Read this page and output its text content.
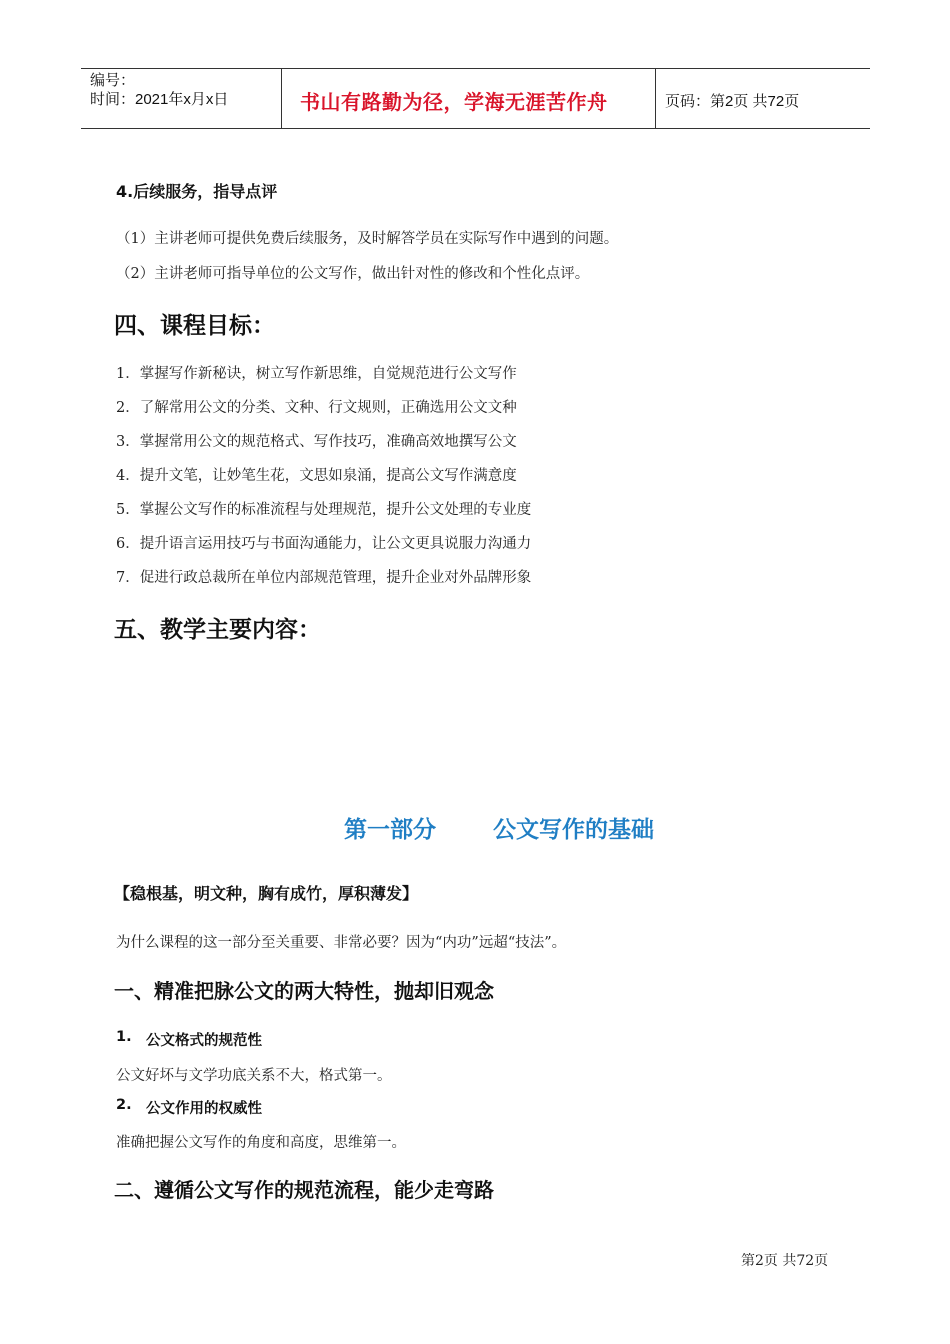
编号：
时间：2021年x月x日	书山有路勤为径，学海无涯苦作舟	页码：第2页 共72页
4.后续服务，指导点评
（1）主讲老师可提供免费后续服务，及时解答学员在实际写作中遇到的问题。
（2）主讲老师可指导单位的公文写作，做出针对性的修改和个性化点评。
四、课程目标：
1．掌握写作新秘诀，树立写作新思维，自觉规范进行公文写作
2．了解常用公文的分类、文种、行文规则，正确选用公文文种
3．掌握常用公文的规范格式、写作技巧，准确高效地撰写公文
4．提升文笔，让妙笔生花，文思如泉涌，提高公文写作满意度
5．掌握公文写作的标准流程与处理规范，提升公文处理的专业度
6．提升语言运用技巧与书面沟通能力，让公文更具说服力沟通力
7．促进行政总裁所在单位内部规范管理，提升企业对外品牌形象
五、教学主要内容：
第一部分 公文写作的基础
【稳根基，明文种，胸有成竹，厚积薄发】
为什么课程的这一部分至关重要、非常必要？因为“内功”远超“技法”。
一、精准把脉公文的两大特性，抛却旧观念
1. 公文格式的规范性
公文好坏与文学功底关系不大，格式第一。
2. 公文作用的权威性
准确把握公文写作的角度和高度，思维第一。
二、遵循公文写作的规范流程，能少走弯路
第2页 共72页
